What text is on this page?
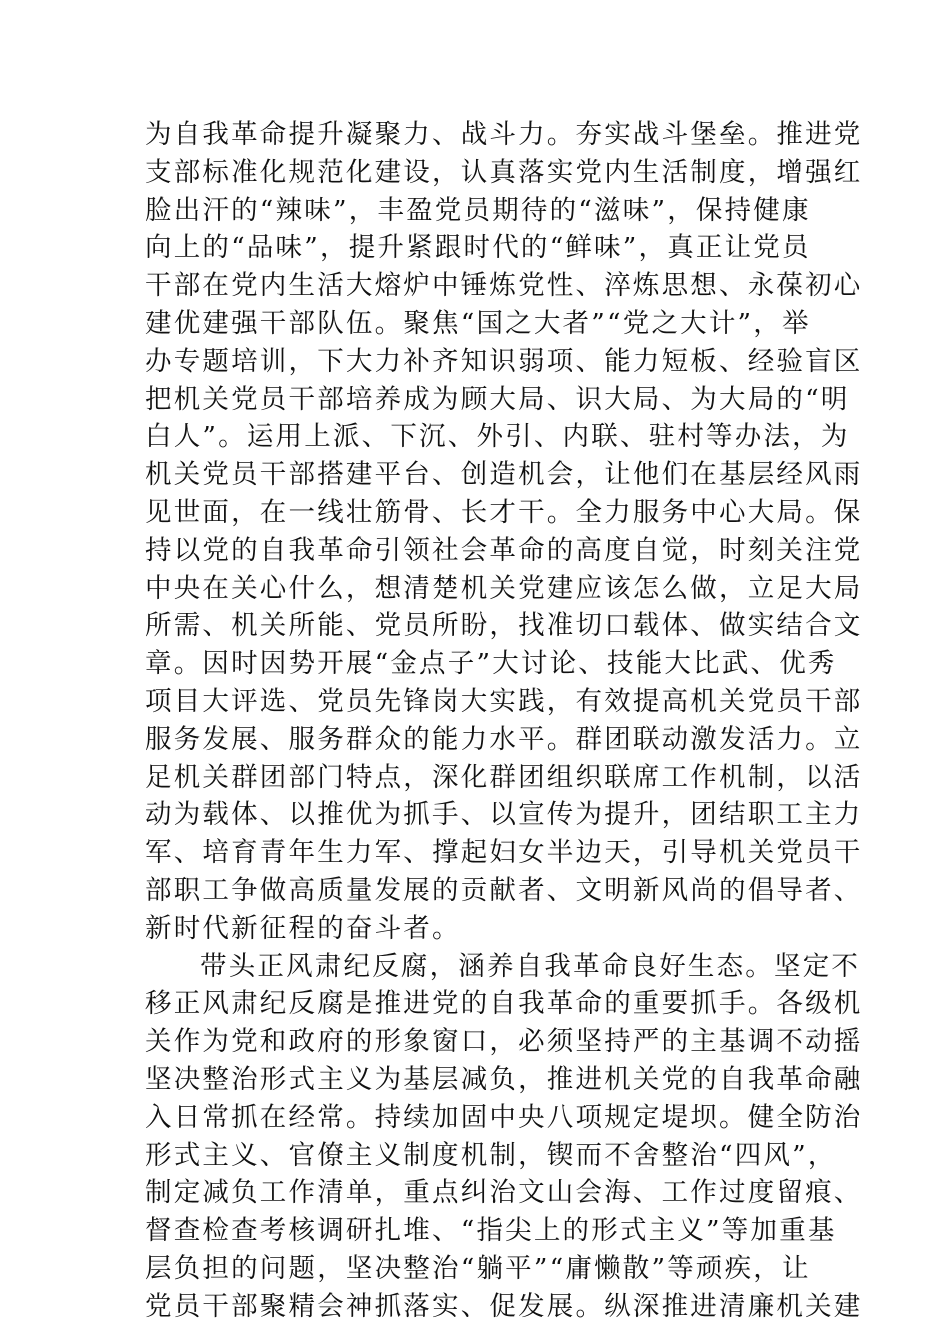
为自我革命提升凝聚力、战斗力。夯实战斗堡垒。推进党
支部标准化规范化建设，认真落实党内生活制度，增强红
脸出汗的“辣味”，丰盈党员期待的“滋味”，保持健康
向上的“品味”，提升紧跟时代的“鲜味”，真正让党员
干部在党内生活大熔炉中锤炼党性、淬炼思想、永葆初心
建优建强干部队伍。聚焦“国之大者”“党之大计”，举
办专题培训，下大力补齐知识弱项、能力短板、经验盲区
把机关党员干部培养成为顾大局、识大局、为大局的“明
白人”。运用上派、下沉、外引、内联、驻村等办法，为
机关党员干部搭建平台、创造机会，让他们在基层经风雨
见世面，在一线壮筋骨、长才干。全力服务中心大局。保
持以党的自我革命引领社会革命的高度自觉，时刻关注党
中央在关心什么，想清楚机关党建应该怎么做，立足大局
所需、机关所能、党员所盼，找准切口载体、做实结合文
章。因时因势开展“金点子”大讨论、技能大比武、优秀
项目大评选、党员先锋岗大实践，有效提高机关党员干部
服务发展、服务群众的能力水平。群团联动激发活力。立
足机关群团部门特点，深化群团组织联席工作机制，以活
动为载体、以推优为抓手、以宣传为提升，团结职工主力
军、培育青年生力军、撑起妇女半边天，引导机关党员干
部职工争做高质量发展的贡献者、文明新风尚的倡导者、
新时代新征程的奋斗者。
带头正风肃纪反腐，涵养自我革命良好生态。坚定不
移正风肃纪反腐是推进党的自我革命的重要抓手。各级机
关作为党和政府的形象窗口，必须坚持严的主基调不动摇
坚决整治形式主义为基层减负，推进机关党的自我革命融
入日常抓在经常。持续加固中央八项规定堤坝。健全防治
形式主义、官僚主义制度机制，锲而不舍整治“四风”，
制定减负工作清单，重点纠治文山会海、工作过度留痕、
督查检查考核调研扎堆、“指尖上的形式主义”等加重基
层负担的问题，坚决整治“躺平”“庸懒散”等顽疾，让
党员干部聚精会神抓落实、促发展。纵深推进清廉机关建
